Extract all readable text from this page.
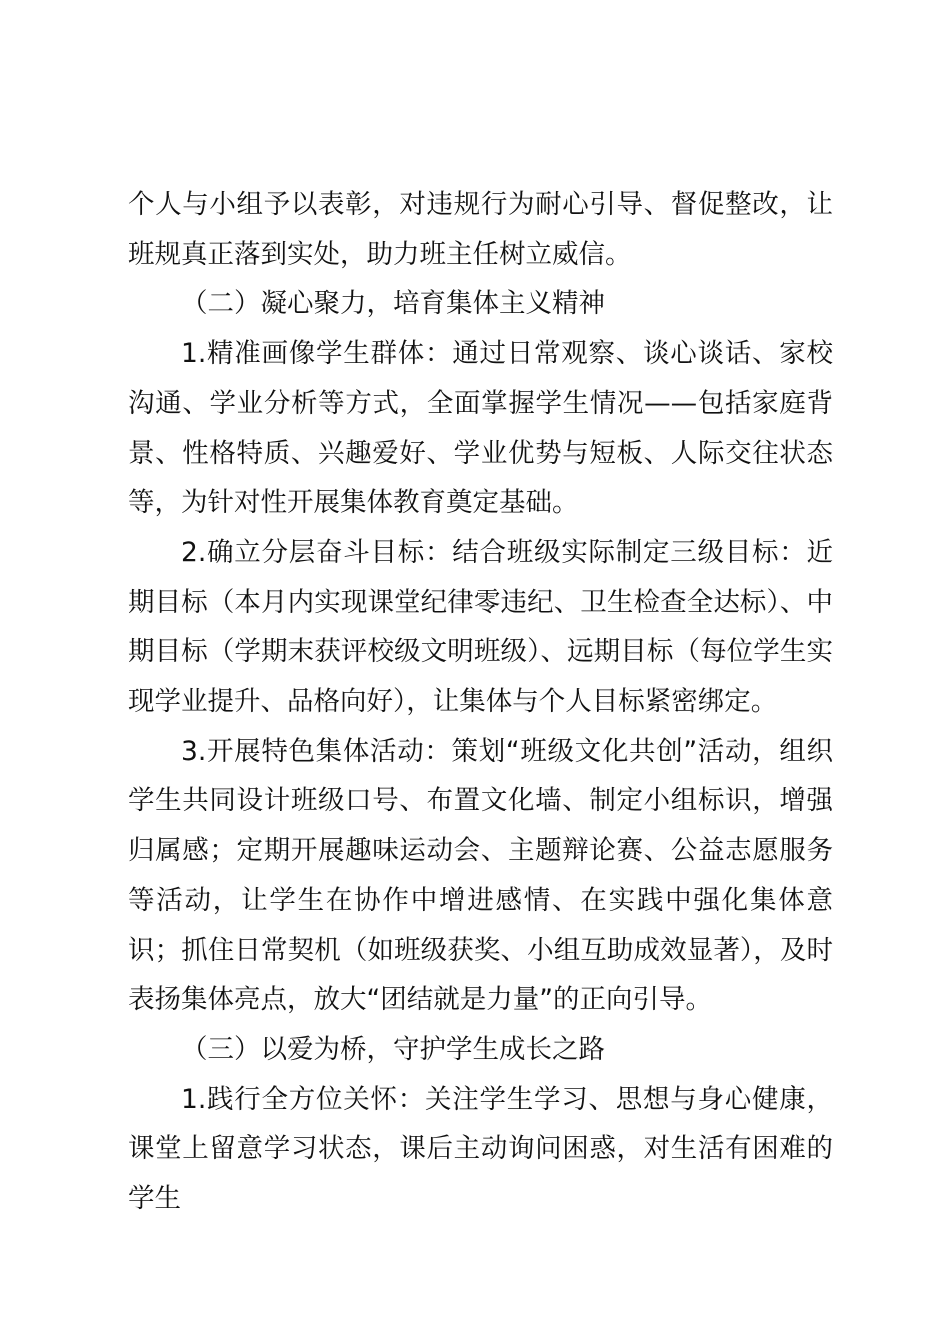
个人与小组予以表彰，对违规行为耐心引导、督促整改，让班规真正落到实处，助力班主任树立威信。

（二）凝心聚力，培育集体主义精神

1.精准画像学生群体：通过日常观察、谈心谈话、家校沟通、学业分析等方式，全面掌握学生情况——包括家庭背景、性格特质、兴趣爱好、学业优势与短板、人际交往状态等，为针对性开展集体教育奠定基础。

2.确立分层奋斗目标：结合班级实际制定三级目标：近期目标（本月内实现课堂纪律零违纪、卫生检查全达标）、中期目标（学期末获评校级文明班级）、远期目标（每位学生实现学业提升、品格向好），让集体与个人目标紧密绑定。

3.开展特色集体活动：策划“班级文化共创”活动，组织学生共同设计班级口号、布置文化墙、制定小组标识，增强归属感；定期开展趣味运动会、主题辩论赛、公益志愿服务等活动，让学生在协作中增进感情、在实践中强化集体意识；抓住日常契机（如班级获奖、小组互助成效显著），及时表扬集体亮点，放大“团结就是力量”的正向引导。

（三）以爱为桥，守护学生成长之路

1.践行全方位关怀：关注学生学习、思想与身心健康，课堂上留意学习状态，课后主动询问困惑，对生活有困难的学生
